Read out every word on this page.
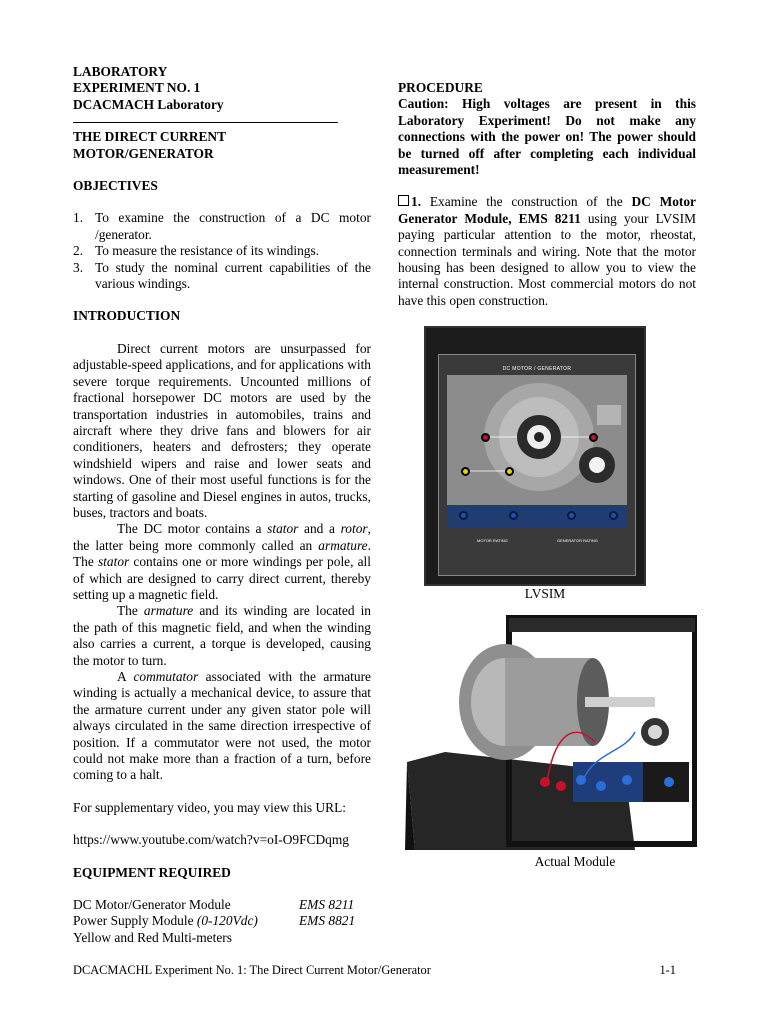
LABORATORY

EXPERIMENT NO. 1

DCACMACH Laboratory

THE DIRECT CURRENT

MOTOR/GENERATOR

OBJECTIVES

1. To examine the construction of a DC motor /generator.
2. To measure the resistance of its windings.
3. To study the nominal current capabilities of the various windings.

INTRODUCTION

Direct current motors are unsurpassed for adjustable-speed applications, and for applications with severe torque requirements. Uncounted millions of fractional horsepower DC motors are used by the transportation industries in automobiles, trains and aircraft where they drive fans and blowers for air conditioners, heaters and defrosters; they operate windshield wipers and raise and lower seats and windows. One of their most useful functions is for the starting of gasoline and Diesel engines in autos, trucks, buses, tractors and boats.

The DC motor contains a stator and a rotor, the latter being more commonly called an armature. The stator contains one or more windings per pole, all of which are designed to carry direct current, thereby setting up a magnetic field.

The armature and its winding are located in the path of this magnetic field, and when the winding also carries a current, a torque is developed, causing the motor to turn.

A commutator associated with the armature winding is actually a mechanical device, to assure that the armature current under any given stator pole will always circulated in the same direction irrespective of position. If a commutator were not used, the motor could not make more than a fraction of a turn, before coming to a halt.

For supplementary video, you may view this URL:

https://www.youtube.com/watch?v=oI-O9FCDqmg

EQUIPMENT REQUIRED

DC Motor/Generator Module	EMS 8211
Power Supply Module (0-120Vdc)	EMS 8821
Yellow and Red Multi-meters

PROCEDURE

Caution: High voltages are present in this Laboratory Experiment! Do not make any connections with the power on! The power should be turned off after completing each individual measurement!

1. Examine the construction of the DC Motor Generator Module, EMS 8211 using your LVSIM paying particular attention to the motor, rheostat, connection terminals and wiring. Note that the motor housing has been designed to allow you to view the internal construction. Most commercial motors do not have this open construction.

DC MOTOR / GENERATOR
MOTOR RATING	GENERATOR RATING
LVSIM
Actual Module
DCACMACHL Experiment No. 1: The Direct Current Motor/Generator	1-1
